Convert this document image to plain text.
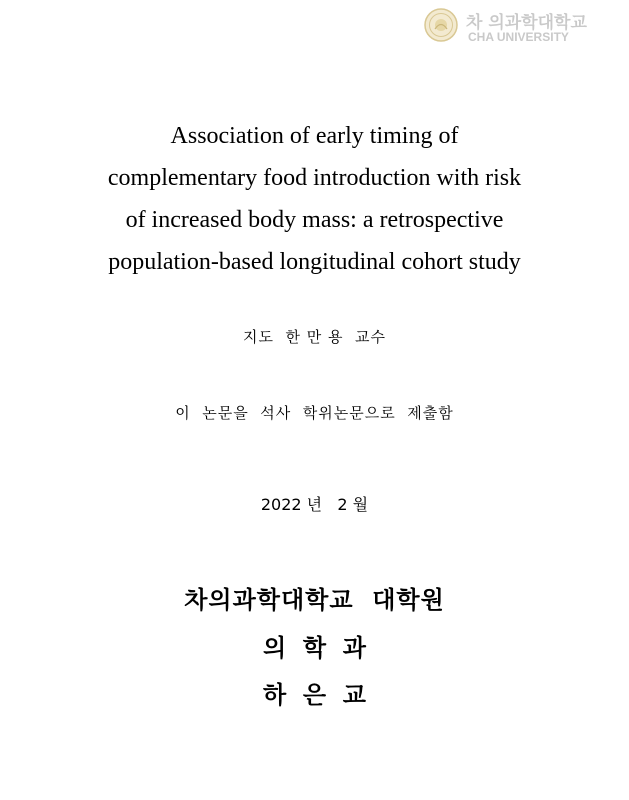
차 의과학대학교
CHA UNIVERSITY
Association of early timing of
complementary food introduction with risk
of increased body mass: a retrospective
population-based longitudinal cohort study
지도  한 만 용  교수
이  논문을  석사  학위논문으로  제출함
2022 년   2 월
차의과학대학교  대학원
의  학  과
하  은  교
